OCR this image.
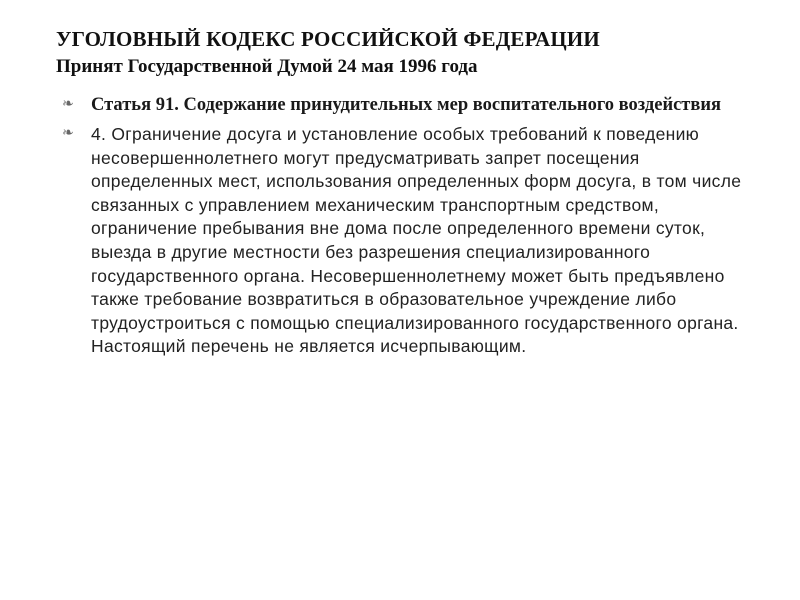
УГОЛОВНЫЙ КОДЕКС РОССИЙСКОЙ ФЕДЕРАЦИИ
Принят Государственной Думой 24 мая 1996 года
❧ Статья 91. Содержание принудительных мер воспитательного воздействия
❧ 4. Ограничение досуга и установление особых требований к поведению несовершеннолетнего могут предусматривать запрет посещения определенных мест, использования определенных форм досуга, в том числе связанных с управлением механическим транспортным средством, ограничение пребывания вне дома после определенного времени суток, выезда в другие местности без разрешения специализированного государственного органа. Несовершеннолетнему может быть предъявлено также требование возвратиться в образовательное учреждение либо трудоустроиться с помощью специализированного государственного органа. Настоящий перечень не является исчерпывающим.
